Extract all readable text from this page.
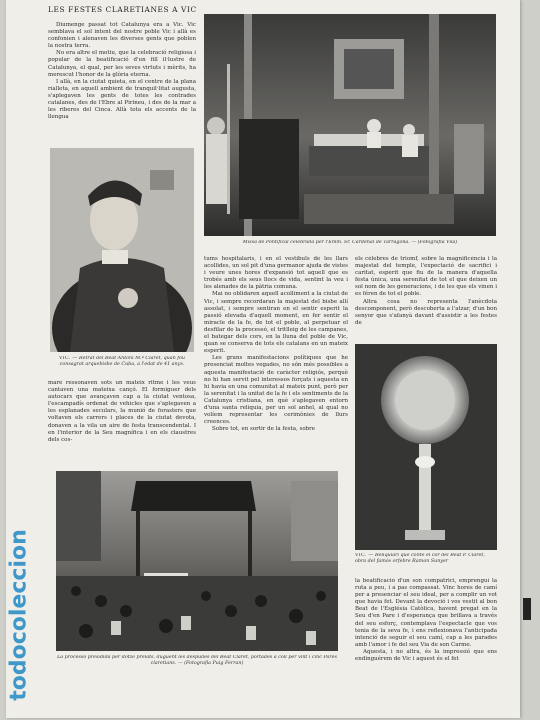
LES FESTES CLARETIANES A VIC

Diumenge passat tot Catalunya era a Vic. Vic semblava el sol intent del nostre poble Vic i allà es confonien i alenaven les diverses gents que poblen la nostra terra.

No era altre el motiu, que la celebració religiosa i popular de la beatificació d'un fill il·lustre de Catalunya, el qual, per les seves virtuts i mèrits, ha merescut l'honor de la glòria eterna.

I allà, en la ciutat quieta, en el centre de la plana rialleta, en aquell ambient de tranquil·litat augusta, s'aplegaven les gents de totes les contrades catalanes, des de l'Ebre al Pirineu, i des de la mar a les riberes del Cinca. Allà tota els accents de la llengua

Missa de Pontifical celebrada per l'Emm. Sr. Cardenal de Tarragona. — (Fotografia Vila)
VIC. — Retrat del Beat Antoni M.ª Claret, quan fou consagrat arquebisbe de Cuba, a l'edat de 41 anys.

mare ressonaven sots un mateix ritme i les veus cantaven una mateixa cançó. El formiguer dels autocars que avançaven cap a la ciutat ventosa, l'escampadís ordenat de vehicles que s'aplegaven a les esplanades seculars, la munió de forasters que voltaven els carrers i places de la ciutat devota, donaven a la vila un aire de festa transcendental. I en l'interior de la Seu magnífica i en els claustres dels cos-

tums hospitalaris, i en el vestíbuls de les llars acollides, un sol pit d'una germanor ajuda de vistes i veure unes hores d'expansió tot aquell que es trobés amb els seus llocs de vida, sentint la veu i les alenades de la pàtria comuna.

Mai no oblidaren aquell acolliment a la ciutat de Vic, i sempre recordaran la majestat del bisbe allí assolat, i sempre sentiran en el sentir esperit la passió elevada d'aquell moment, en fer sentir el miracle de la fe, de tot el poble, al perpetuar el desfilar de la processó, el tritlleig de les campanes, el bategar dels cors, en la lluna del poble de Vic, quan se conserva de tots els catalans en un mateix esperit.

Les grans manifestacions polítiques que he presenciat moltes vegades, no són més possibles a aquesta manifestació de caràcter religiós, perquè no hi han servit pel interessos forçats i aquesta en hi havia en una comunitat al mateix punt, però per la serenitat i la unitat de la fe i els sentiments de la Catalunya cristiana, en què s'aplegaven entorn d'una santa reliquia, per un sol anhel, al qual no volíem representar les cerimònies de llurs creences.

Sobre tot, en sortir de la festa, sobre

els cèlebres de triomf, sobre la magnificència i la majestat del temple, l'expectació de sacrifici i caritat, esperit que fiu de la manera d'aquella festa única, una serenitat de tot el que deixen un sol nom de les generacions, i de les que els vinen i es féren de tot el poble.

Altra cosa no representa l'anècdota descomponent, però descoberta a l'atzar, d'un bon senyor que s'afanyà davant d'assistir a les festes de

VIC. — Reliquiari que conté el cor del Beat P. Claret, obra del famós orfebre Ramon Sunyer
La processó presidida per dotze prelats, duguent les despulles del Beat Claret, portades a coll per vint i cinc Pares claretians. — (Fotografia Puig Ferran)

la beatificació d'un son compatrici, emprenguí la ruta a peu, i a pas compassat. Vinc hores de camí per a presenciar el seu ideal, per a complir un vot que havia fet. Devant la devoció i vos vestit al bon Beat de l'Església Catòlica, havent pregat en la Seu d'en Pare i d'esperança que brillava a través del seu esforç, contemplava l'espectacle que vos tenia de la seva fe, i ens reflexionava l'anticipada intenció de seguir el seu camí, cap a les parades amb l'amor i fe del seu Via de son Carme.

Aquesta, i no altra, és la impressió que ens endinguérem de Vic i aquest és el fet

todocoleccion
